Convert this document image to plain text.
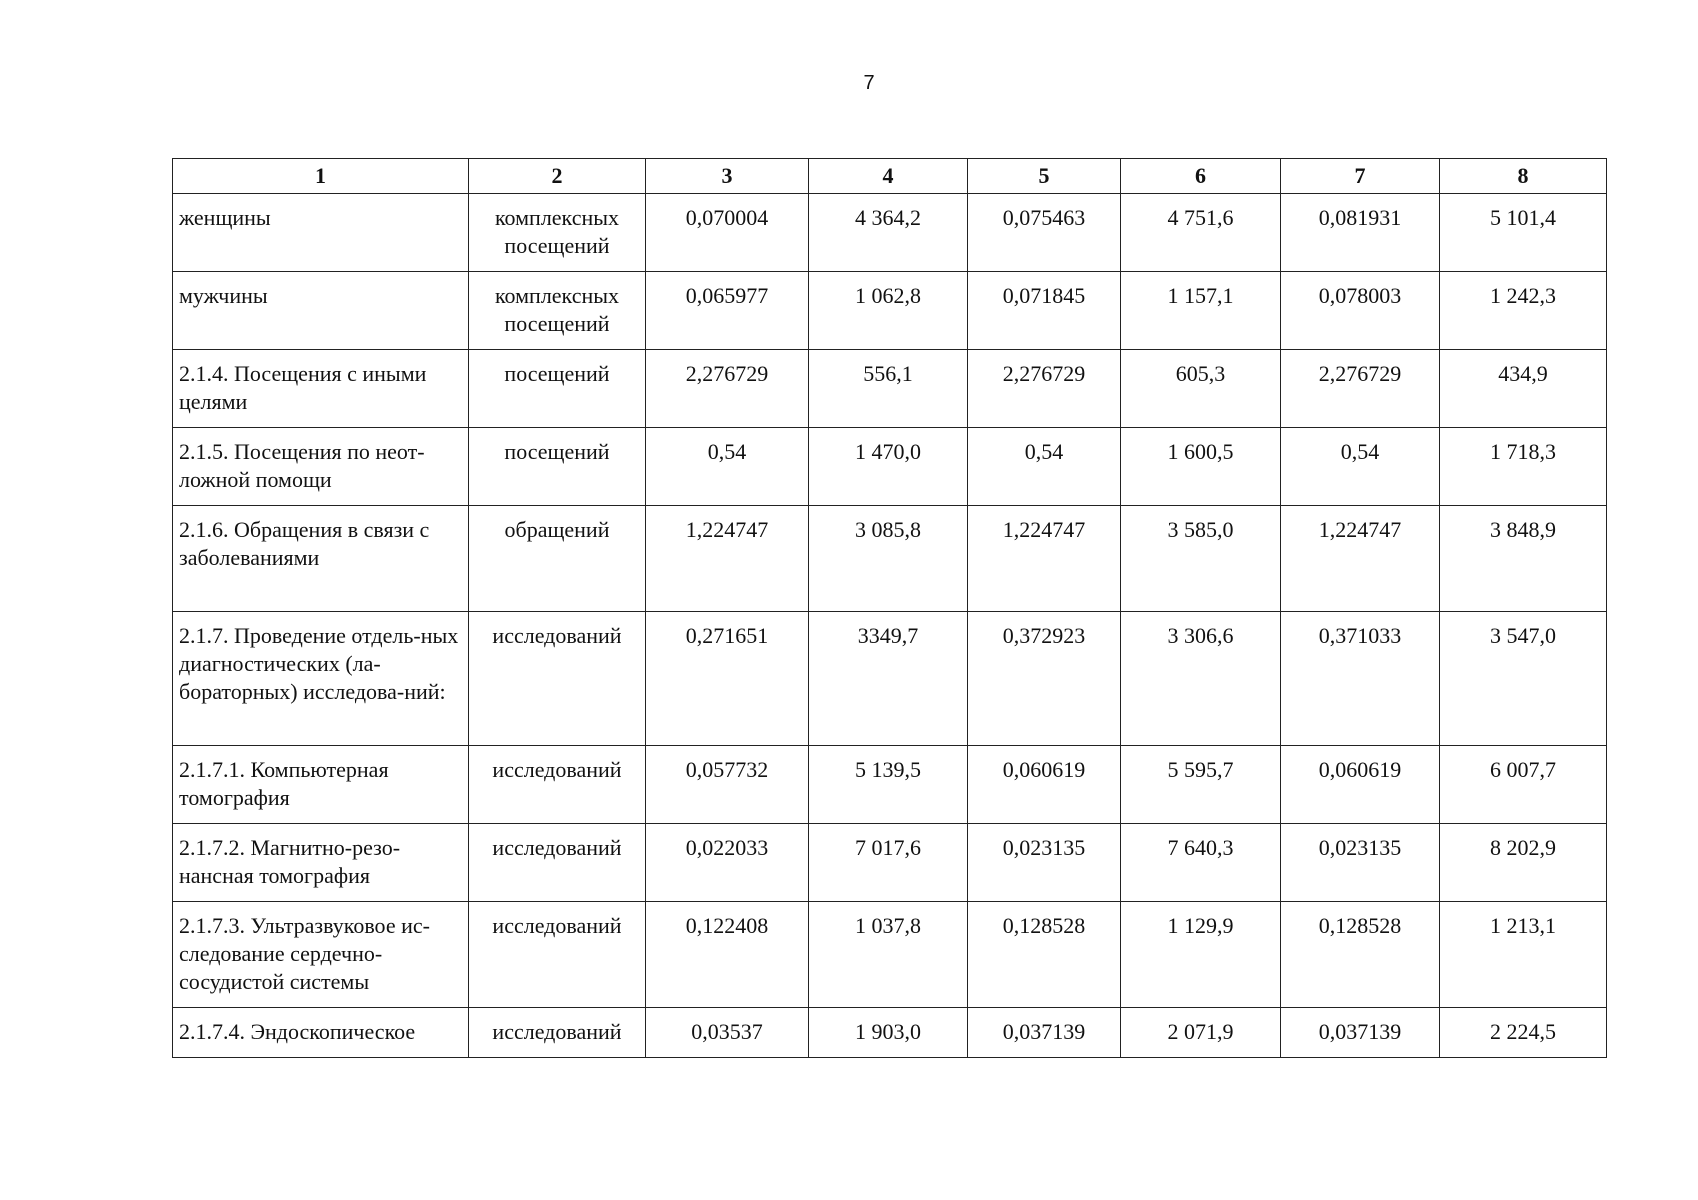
7
1	2	3	4	5	6	7	8
женщины	комплексных посещений	0,070004	4 364,2	0,075463	4 751,6	0,081931	5 101,4
мужчины	комплексных посещений	0,065977	1 062,8	0,071845	1 157,1	0,078003	1 242,3
2.1.4. Посещения с иными целями	посещений	2,276729	556,1	2,276729	605,3	2,276729	434,9
2.1.5. Посещения по неот-ложной помощи	посещений	0,54	1 470,0	0,54	1 600,5	0,54	1 718,3
2.1.6. Обращения в связи с заболеваниями	обращений	1,224747	3 085,8	1,224747	3 585,0	1,224747	3 848,9
2.1.7. Проведение отдель-ных диагностических (ла-бораторных) исследова-ний:	исследований	0,271651	3349,7	0,372923	3 306,6	0,371033	3 547,0
2.1.7.1. Компьютерная томография	исследований	0,057732	5 139,5	0,060619	5 595,7	0,060619	6 007,7
2.1.7.2. Магнитно-резо-нансная томография	исследований	0,022033	7 017,6	0,023135	7 640,3	0,023135	8 202,9
2.1.7.3. Ультразвуковое ис-следование сердечно-сосудистой системы	исследований	0,122408	1 037,8	0,128528	1 129,9	0,128528	1 213,1
2.1.7.4. Эндоскопическое	исследований	0,03537	1 903,0	0,037139	2 071,9	0,037139	2 224,5
